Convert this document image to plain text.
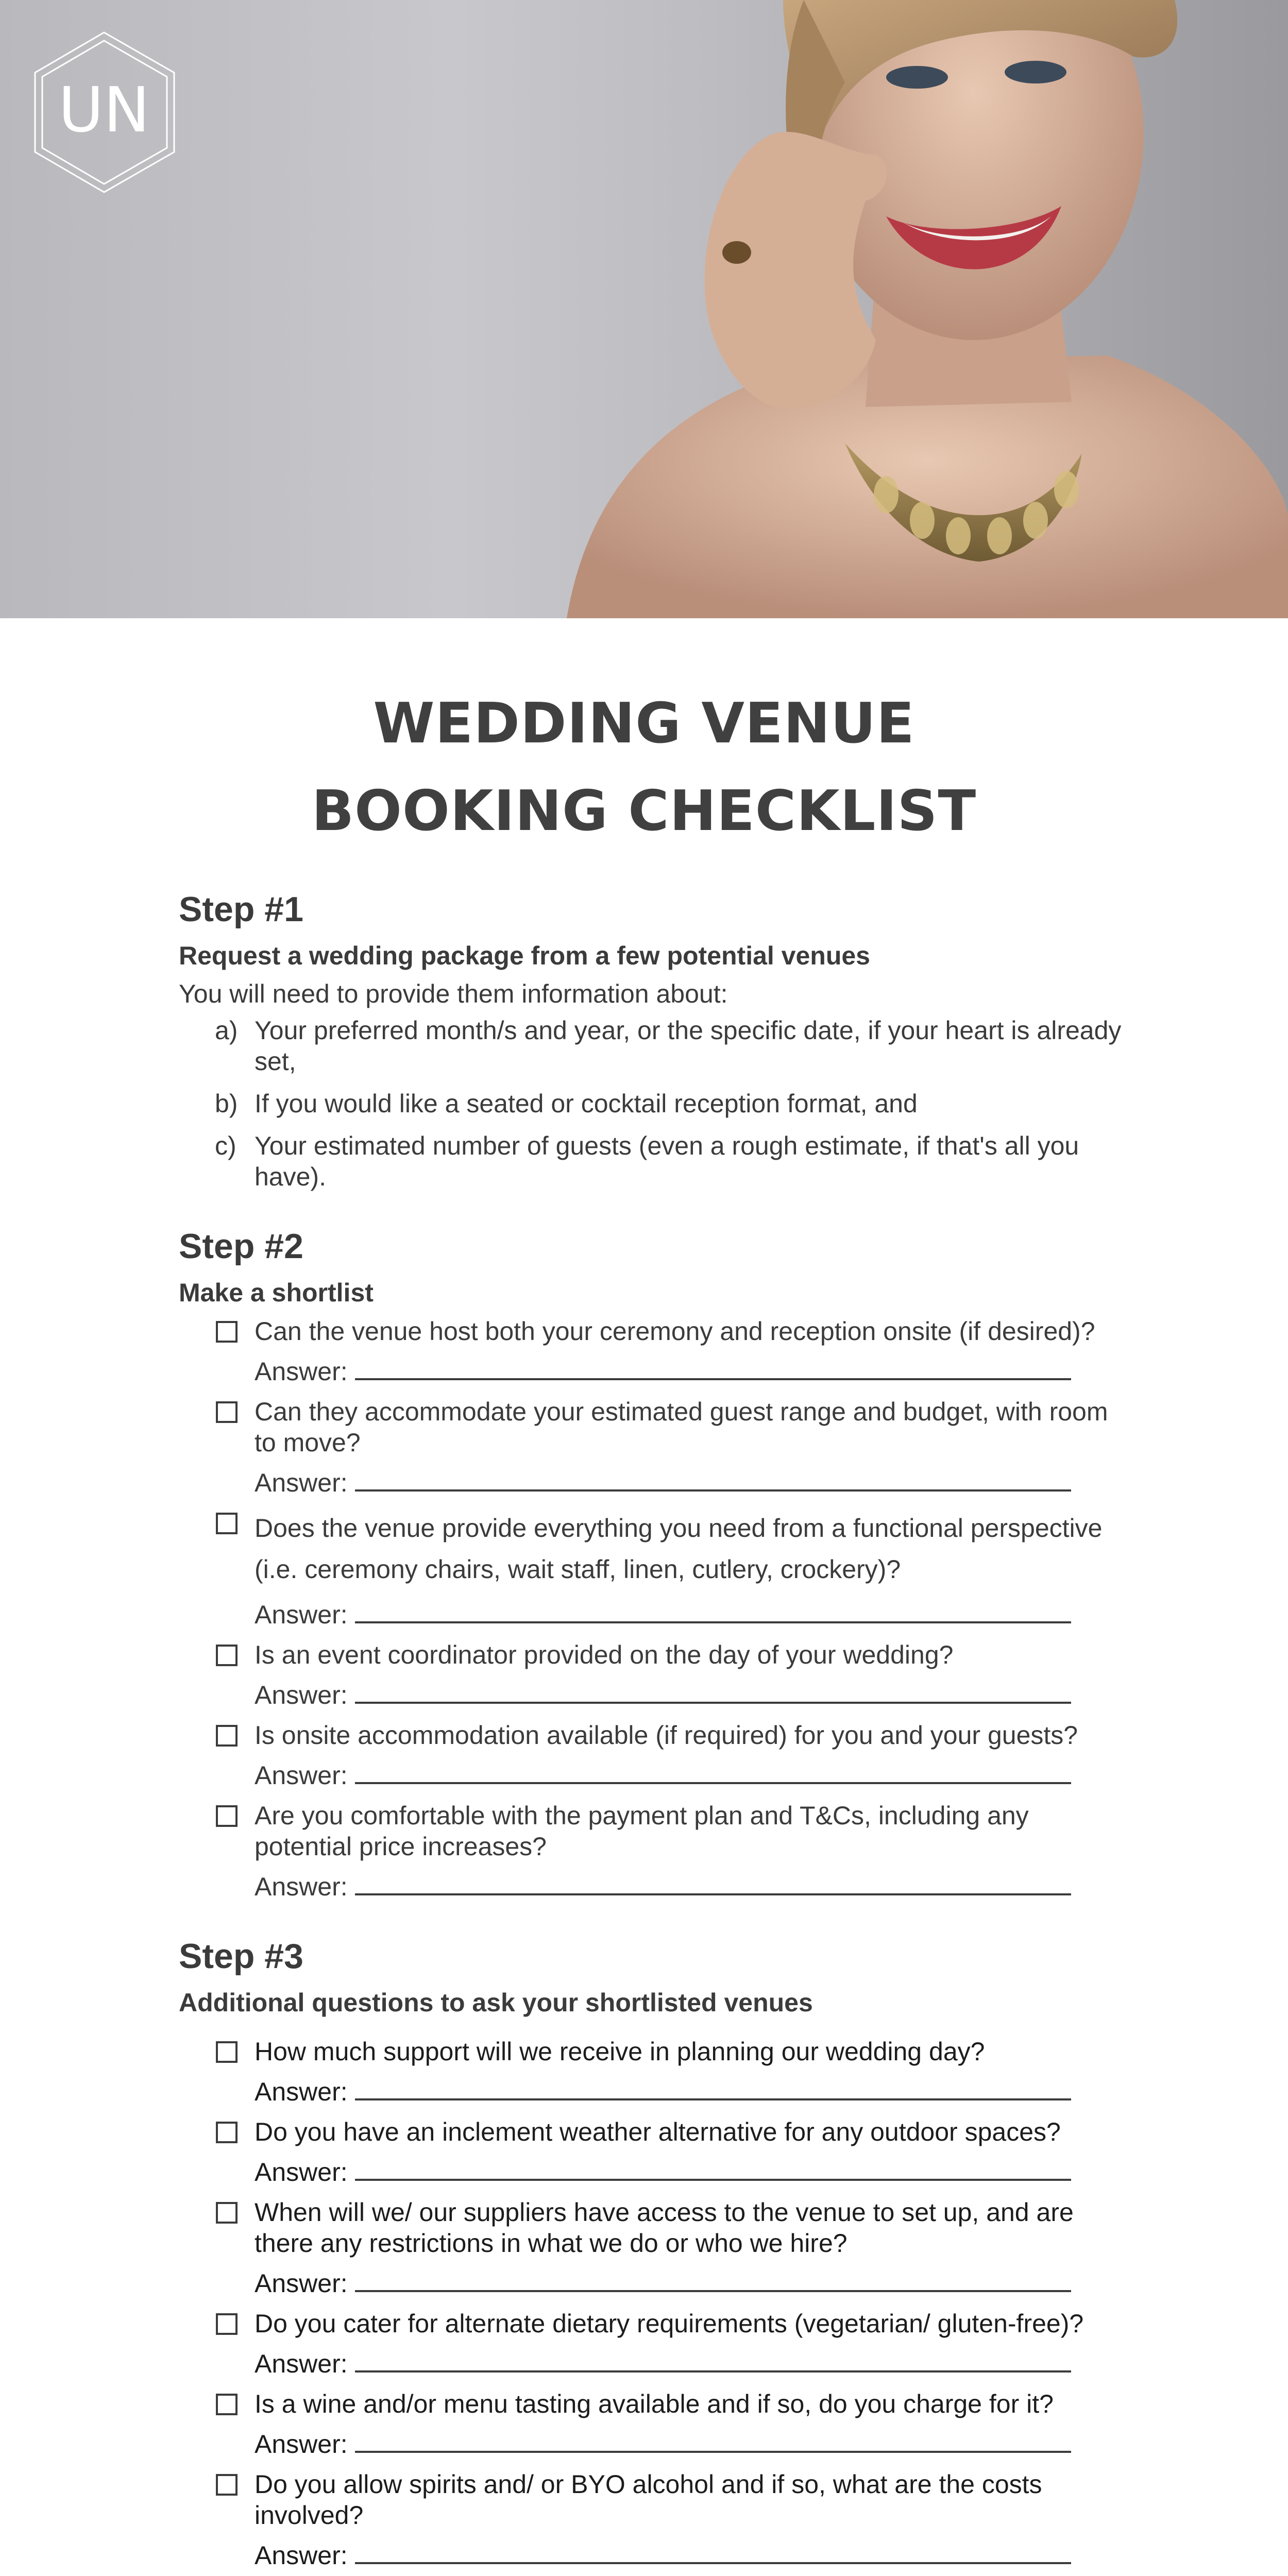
UN
WEDDING VENUE
BOOKING CHECKLIST
Step #1

Request a wedding package from a few potential venues

You will need to provide them information about:

a) Your preferred month/s and year, or the specific date, if your heart is already set,
b) If you would like a seated or cocktail reception format, and
c) Your estimated number of guests (even a rough estimate, if that's all you have).
Step #2

Make a shortlist

Can the venue host both your ceremony and reception onsite (if desired)?
Answer:
Can they accommodate your estimated guest range and budget, with room to move?
Answer:
Does the venue provide everything you need from a functional perspective (i.e. ceremony chairs, wait staff, linen, cutlery, crockery)?
Answer:
Is an event coordinator provided on the day of your wedding?
Answer:
Is onsite accommodation available (if required) for you and your guests?
Answer:
Are you comfortable with the payment plan and T&Cs, including any potential price increases?
Answer:
Step #3

Additional questions to ask your shortlisted venues

How much support will we receive in planning our wedding day?
Answer:
Do you have an inclement weather alternative for any outdoor spaces?
Answer:
When will we/ our suppliers have access to the venue to set up, and are there any restrictions in what we do or who we hire?
Answer:
Do you cater for alternate dietary requirements (vegetarian/ gluten-free)?
Answer:
Is a wine and/or menu tasting available and if so, do you charge for it?
Answer:
Do you allow spirits and/ or BYO alcohol and if so, what are the costs involved?
Answer:
